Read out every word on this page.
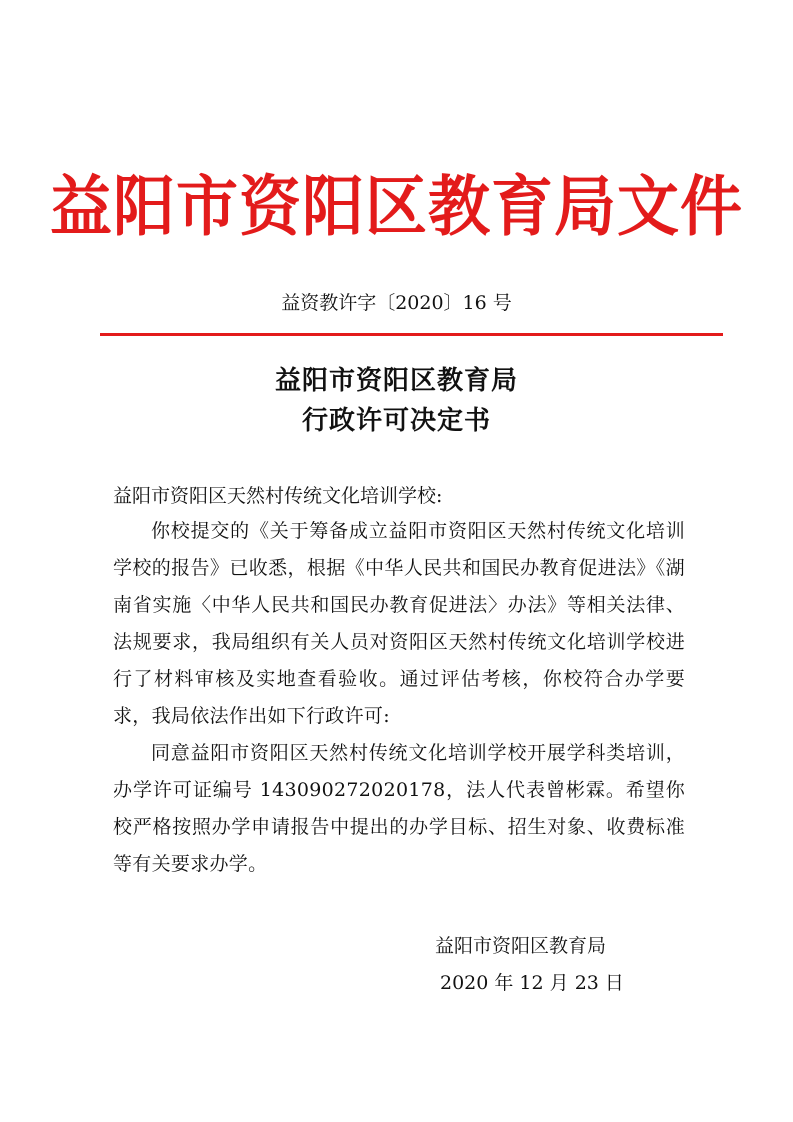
益阳市资阳区教育局文件
益资教许字〔2020〕16 号
益阳市资阳区教育局
行政许可决定书
益阳市资阳区天然村传统文化培训学校:

你校提交的《关于筹备成立益阳市资阳区天然村传统文化培训学校的报告》已收悉，根据《中华人民共和国民办教育促进法》《湖南省实施〈中华人民共和国民办教育促进法〉办法》等相关法律、法规要求，我局组织有关人员对资阳区天然村传统文化培训学校进行了材料审核及实地查看验收。通过评估考核，你校符合办学要求，我局依法作出如下行政许可:

同意益阳市资阳区天然村传统文化培训学校开展学科类培训，办学许可证编号 143090272020178，法人代表曾彬霖。希望你校严格按照办学申请报告中提出的办学目标、招生对象、收费标准等有关要求办学。

益阳市资阳区教育局
2020 年 12 月 23 日
